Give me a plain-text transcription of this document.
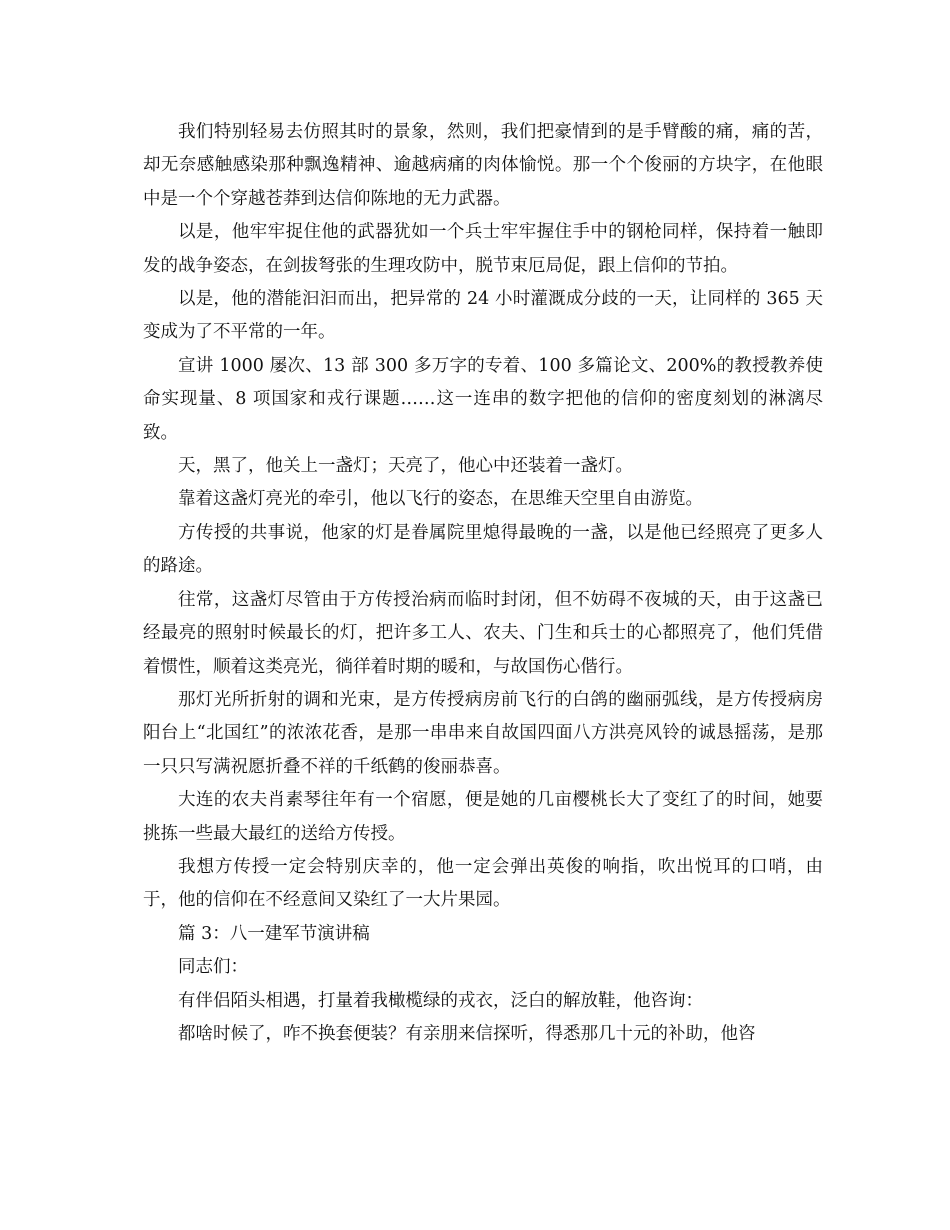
我们特别轻易去仿照其时的景象，然则，我们把豪情到的是手臂酸的痛，痛的苦，却无奈感触感染那种飘逸精神、逾越病痛的肉体愉悦。那一个个俊丽的方块字，在他眼中是一个个穿越苍莽到达信仰陈地的无力武器。

以是，他牢牢捉住他的武器犹如一个兵士牢牢握住手中的钢枪同样，保持着一触即发的战争姿态，在剑拔弩张的生理攻防中，脱节束厄局促，跟上信仰的节拍。

以是，他的潜能汩汩而出，把异常的 24 小时灌溉成分歧的一天，让同样的 365 天变成为了不平常的一年。

宣讲 1000 屡次、13 部 300 多万字的专着、100 多篇论文、200%的教授教养使命实现量、8 项国家和戎行课题……这一连串的数字把他的信仰的密度刻划的淋漓尽致。

天，黑了，他关上一盏灯；天亮了，他心中还装着一盏灯。

靠着这盏灯亮光的牵引，他以飞行的姿态，在思维天空里自由游览。

方传授的共事说，他家的灯是眷属院里熄得最晚的一盏，以是他已经照亮了更多人的路途。

往常，这盏灯尽管由于方传授治病而临时封闭，但不妨碍不夜城的天，由于这盏已经最亮的照射时候最长的灯，把许多工人、农夫、门生和兵士的心都照亮了，他们凭借着惯性，顺着这类亮光，徜徉着时期的暖和，与故国伤心偕行。

那灯光所折射的调和光束，是方传授病房前飞行的白鸽的幽丽弧线，是方传授病房阳台上“北国红”的浓浓花香，是那一串串来自故国四面八方洪亮风铃的诚恳摇荡，是那一只只写满祝愿折叠不祥的千纸鹤的俊丽恭喜。

大连的农夫肖素琴往年有一个宿愿，便是她的几亩樱桃长大了变红了的时间，她要挑拣一些最大最红的送给方传授。

我想方传授一定会特别庆幸的，他一定会弹出英俊的响指，吹出悦耳的口哨，由于，他的信仰在不经意间又染红了一大片果园。

篇 3：八一建军节演讲稿

同志们：

有伴侣陌头相遇，打量着我橄榄绿的戎衣，泛白的解放鞋，他咨询：

都啥时候了，咋不换套便装？有亲朋来信探听，得悉那几十元的补助，他咨
